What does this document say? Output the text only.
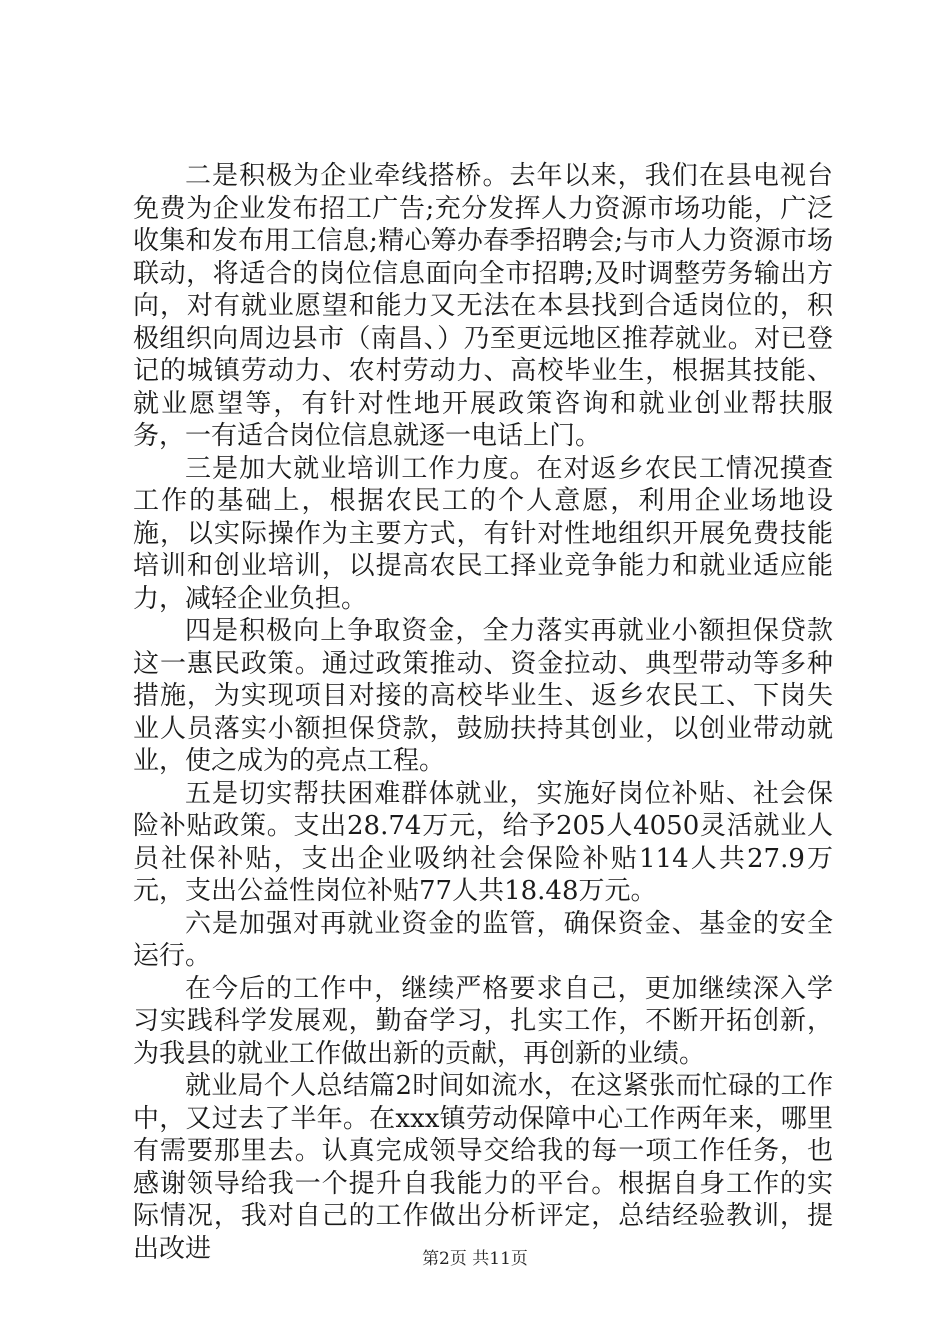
二是积极为企业牵线搭桥。去年以来，我们在县电视台免费为企业发布招工广告;充分发挥人力资源市场功能，广泛收集和发布用工信息;精心筹办春季招聘会;与市人力资源市场联动，将适合的岗位信息面向全市招聘;及时调整劳务输出方向，对有就业愿望和能力又无法在本县找到合适岗位的，积极组织向周边县市（南昌、）乃至更远地区推荐就业。对已登记的城镇劳动力、农村劳动力、高校毕业生，根据其技能、就业愿望等，有针对性地开展政策咨询和就业创业帮扶服务，一有适合岗位信息就逐一电话上门。

三是加大就业培训工作力度。在对返乡农民工情况摸查工作的基础上，根据农民工的个人意愿，利用企业场地设施，以实际操作为主要方式，有针对性地组织开展免费技能培训和创业培训，以提高农民工择业竞争能力和就业适应能力，减轻企业负担。

四是积极向上争取资金，全力落实再就业小额担保贷款这一惠民政策。通过政策推动、资金拉动、典型带动等多种措施，为实现项目对接的高校毕业生、返乡农民工、下岗失业人员落实小额担保贷款，鼓励扶持其创业，以创业带动就业，使之成为的亮点工程。

五是切实帮扶困难群体就业，实施好岗位补贴、社会保险补贴政策。支出28.74万元，给予205人4050灵活就业人员社保补贴，支出企业吸纳社会保险补贴114人共27.9万元，支出公益性岗位补贴77人共18.48万元。

六是加强对再就业资金的监管，确保资金、基金的安全运行。

在今后的工作中，继续严格要求自己，更加继续深入学习实践科学发展观，勤奋学习，扎实工作，不断开拓创新，为我县的就业工作做出新的贡献，再创新的业绩。

就业局个人总结篇2时间如流水，在这紧张而忙碌的工作中，又过去了半年。在xxx镇劳动保障中心工作两年来，哪里有需要那里去。认真完成领导交给我的每一项工作任务，也感谢领导给我一个提升自我能力的平台。根据自身工作的实际情况，我对自己的工作做出分析评定，总结经验教训，提出改进	第2页 共11页
